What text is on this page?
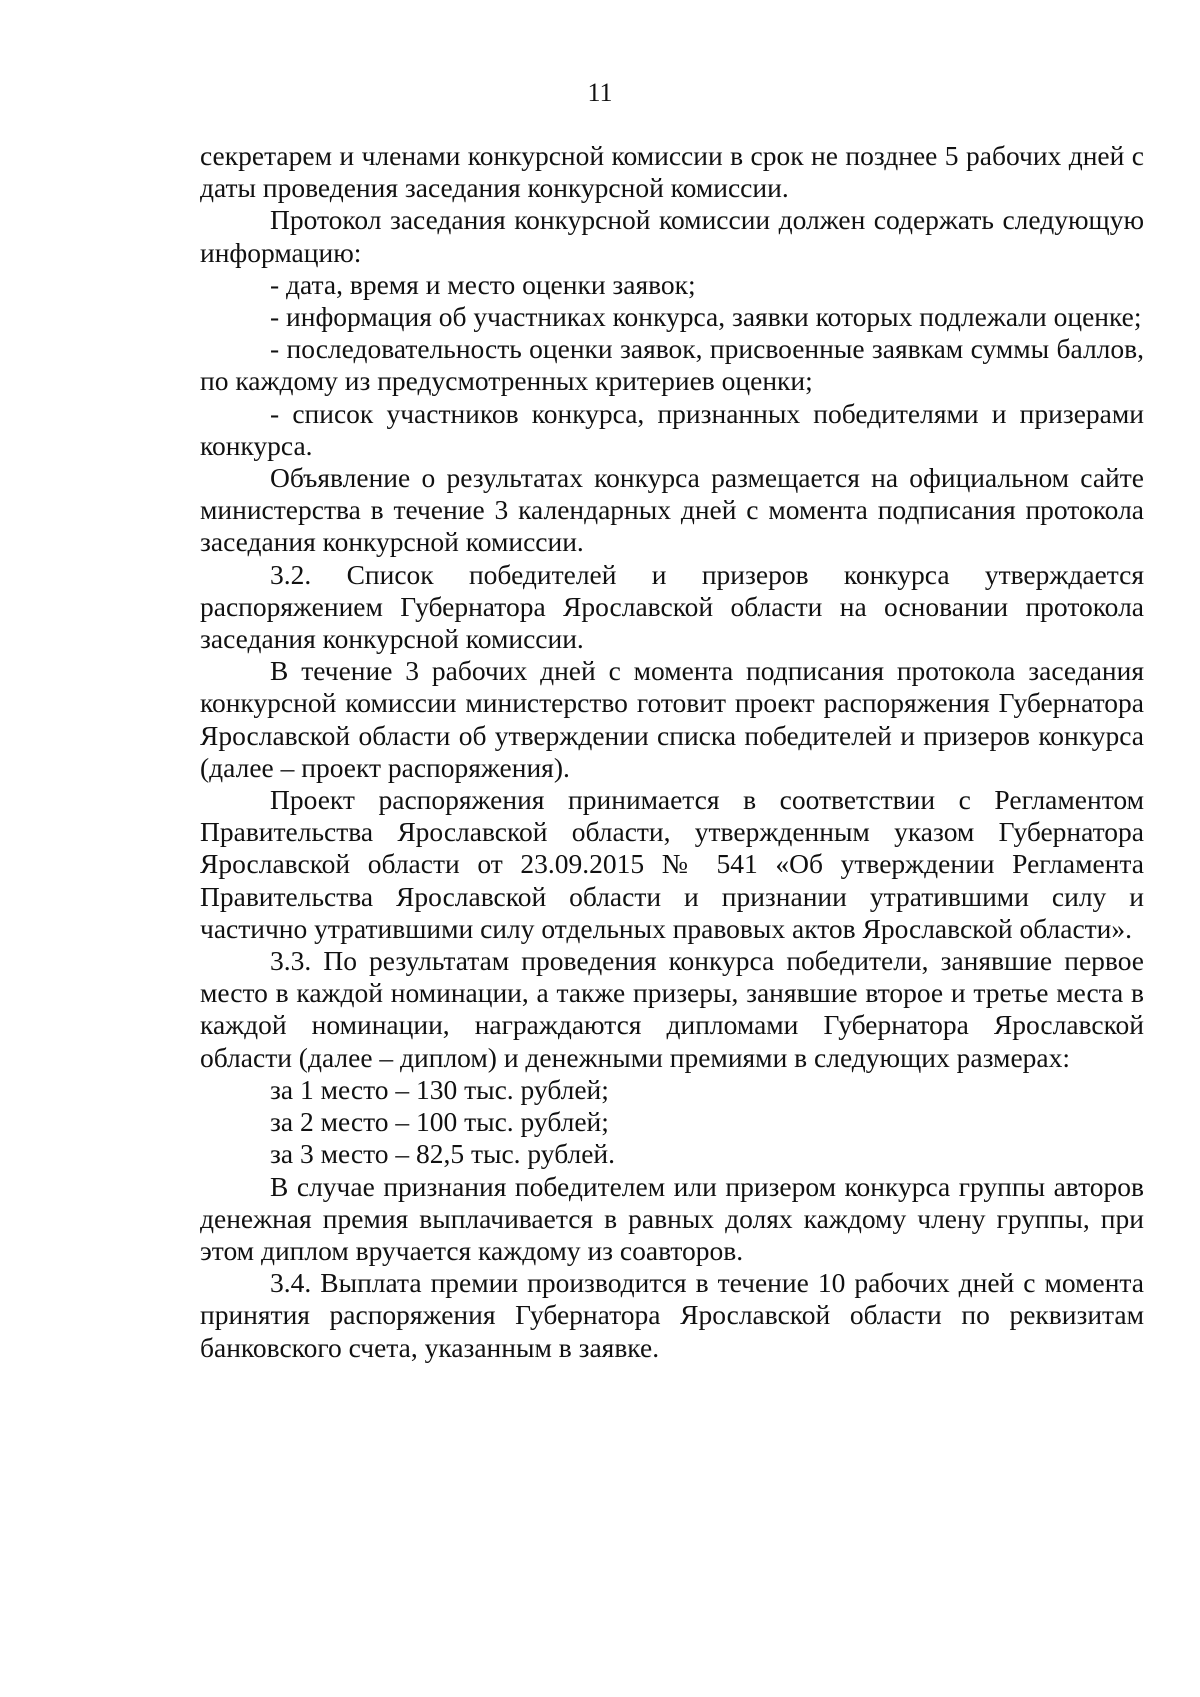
11

секретарем и членами конкурсной комиссии в срок не позднее 5 рабочих дней с даты проведения заседания конкурсной комиссии.

Протокол заседания конкурсной комиссии должен содержать следующую информацию:

- дата, время и место оценки заявок;

- информация об участниках конкурса, заявки которых подлежали оценке;

- последовательность оценки заявок, присвоенные заявкам суммы баллов, по каждому из предусмотренных критериев оценки;

- список участников конкурса, признанных победителями и призерами конкурса.

Объявление о результатах конкурса размещается на официальном сайте министерства в течение 3 календарных дней с момента подписания протокола заседания конкурсной комиссии.

3.2. Список победителей и призеров конкурса утверждается распоряжением Губернатора Ярославской области на основании протокола заседания конкурсной комиссии.

В течение 3 рабочих дней с момента подписания протокола заседания конкурсной комиссии министерство готовит проект распоряжения Губернатора Ярославской области об утверждении списка победителей и призеров конкурса (далее – проект распоряжения).

Проект распоряжения принимается в соответствии с Регламентом Правительства Ярославской области, утвержденным указом Губернатора Ярославской области от 23.09.2015 № 541 «Об утверждении Регламента Правительства Ярославской области и признании утратившими силу и частично утратившими силу отдельных правовых актов Ярославской области».

3.3. По результатам проведения конкурса победители, занявшие первое место в каждой номинации, а также призеры, занявшие второе и третье места в каждой номинации, награждаются дипломами Губернатора Ярославской области (далее – диплом) и денежными премиями в следующих размерах:

за 1 место – 130 тыс. рублей;

за 2 место – 100 тыс. рублей;

за 3 место – 82,5 тыс. рублей.

В случае признания победителем или призером конкурса группы авторов денежная премия выплачивается в равных долях каждому члену группы, при этом диплом вручается каждому из соавторов.

3.4. Выплата премии производится в течение 10 рабочих дней с момента принятия распоряжения Губернатора Ярославской области по реквизитам банковского счета, указанным в заявке.
